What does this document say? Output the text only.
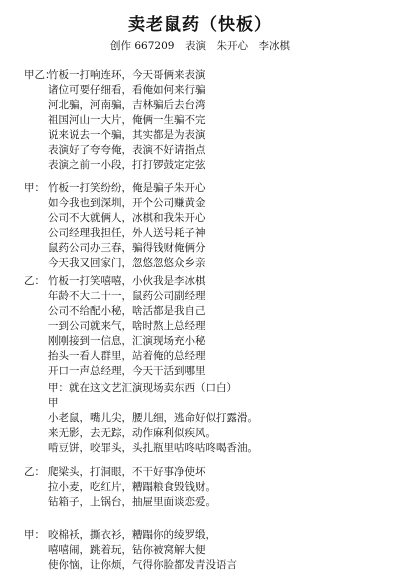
卖老鼠药（快板）
创作 667209　表演　朱开心　李冰棋
甲乙：竹板一打响连环，今天哥俩来表演
诸位可要仔细看，看俺如何来行骗
河北骗，河南骗，吉林骗后去台湾
祖国河山一大片，俺俩一生骗不完
说来说去一个骗，其实都是为表演
表演好了夸夸俺，表演不好请指点
表演之前一小段，打打锣鼓定定弦
甲： 竹板一打笑纷纷，俺是骗子朱开心
如今我也到深圳，开个公司赚黄金
公司不大就俩人，冰棋和我朱开心
公司经理我担任，外人送号耗子神
鼠药公司办三春，骗得钱财俺俩分
今天我又回家门，忽悠忽悠众乡亲
乙： 竹板一打笑嘻嘻，小伙我是李冰棋
年龄不大二十一，鼠药公司副经理
公司不给配小秘，啥活都是我自己
一到公司就来气，啥时熬上总经理
刚刚接到一信息，汇演现场充小秘
抬头一看人群里，站着俺的总经理
开口一声总经理，今天干活到哪里
甲：就在这文艺汇演现场卖东西（口白）
甲
小老鼠，嘴儿尖，腰儿细，逃命好似打露滑。
来无影，去无踪，动作麻利似疾风。
啃豆饼，咬罪头，头扎瓶里咕咚咕咚喝香油。
乙： 爬梁头，打洞眼，不干好事净使坏
拉小麦，吃红片，糟蹋粮食毁钱财。
钻箱子，上锅台，抽屉里面谈恋爱。
甲： 咬棉袄，撕衣衫，糟蹋你的绫罗缎，
嘻嘻闹，跳着玩，钻你被窝解大便
使你恼，让你烦，气得你脸都发青没语言
